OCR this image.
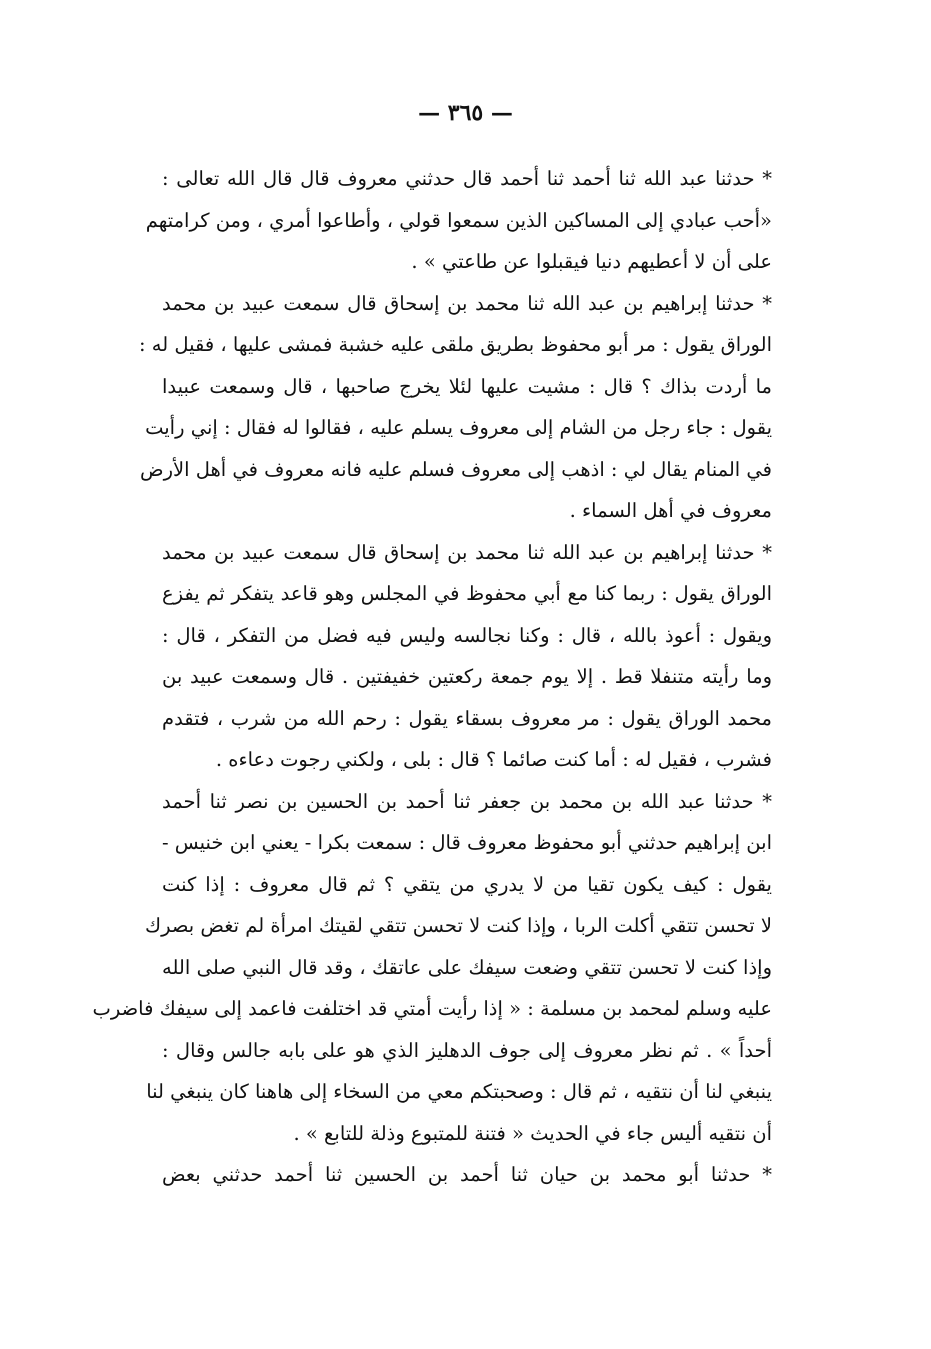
— ٣٦٥ —
* حدثنا عبد الله ثنا أحمد ثنا أحمد قال حدثني معروف قال قال الله تعالى :
«أحب عبادي إلى المساكين الذين سمعوا قولي ، وأطاعوا أمري ، ومن كرامتهم
على أن لا أعطيهم دنيا فيقبلوا عن طاعتي » .
* حدثنا إبراهيم بن عبد الله ثنا محمد بن إسحاق قال سمعت عبيد بن محمد
الوراق يقول : مر أبو محفوظ بطريق ملقى عليه خشبة فمشى عليها ، فقيل له :
ما أردت بذاك ؟ قال : مشيت عليها لئلا يخرج صاحبها ، قال وسمعت عبيدا
يقول : جاء رجل من الشام إلى معروف يسلم عليه ، فقالوا له فقال : إني رأيت
في المنام يقال لي : اذهب إلى معروف فسلم عليه فانه معروف في أهل الأرض
معروف في أهل السماء .
* حدثنا إبراهيم بن عبد الله ثنا محمد بن إسحاق قال سمعت عبيد بن محمد
الوراق يقول : ربما كنا مع أبي محفوظ في المجلس وهو قاعد يتفكر ثم يفزع
ويقول : أعوذ بالله ، قال : وكنا نجالسه وليس فيه فضل من التفكر ، قال :
وما رأيته متنفلا قط . إلا يوم جمعة ركعتين خفيفتين . قال وسمعت عبيد بن
محمد الوراق يقول : مر معروف بسقاء يقول : رحم الله من شرب ، فتقدم
فشرب ، فقيل له : أما كنت صائما ؟ قال : بلى ، ولكني رجوت دعاءه .
* حدثنا عبد الله بن محمد بن جعفر ثنا أحمد بن الحسين بن نصر ثنا أحمد
ابن إبراهيم حدثني أبو محفوظ معروف قال : سمعت بكرا - يعني ابن خنيس -
يقول : كيف يكون تقيا من لا يدري من يتقي ؟ ثم قال معروف : إذا كنت
لا تحسن تتقي أكلت الربا ، وإذا كنت لا تحسن تتقي لقيتك امرأة لم تغض بصرك
وإذا كنت لا تحسن تتقي وضعت سيفك على عاتقك ، وقد قال النبي صلى الله
عليه وسلم لمحمد بن مسلمة : « إذا رأيت أمتي قد اختلفت فاعمد إلى سيفك فاضرب
أحداً » . ثم نظر معروف إلى جوف الدهليز الذي هو على بابه جالس وقال :
ينبغي لنا أن نتقيه ، ثم قال : وصحبتكم معي من السخاء إلى هاهنا كان ينبغي لنا
أن نتقيه أليس جاء في الحديث « فتنة للمتبوع وذلة للتابع » .
* حدثنا أبو محمد بن حيان ثنا أحمد بن الحسين ثنا أحمد حدثني بعض
